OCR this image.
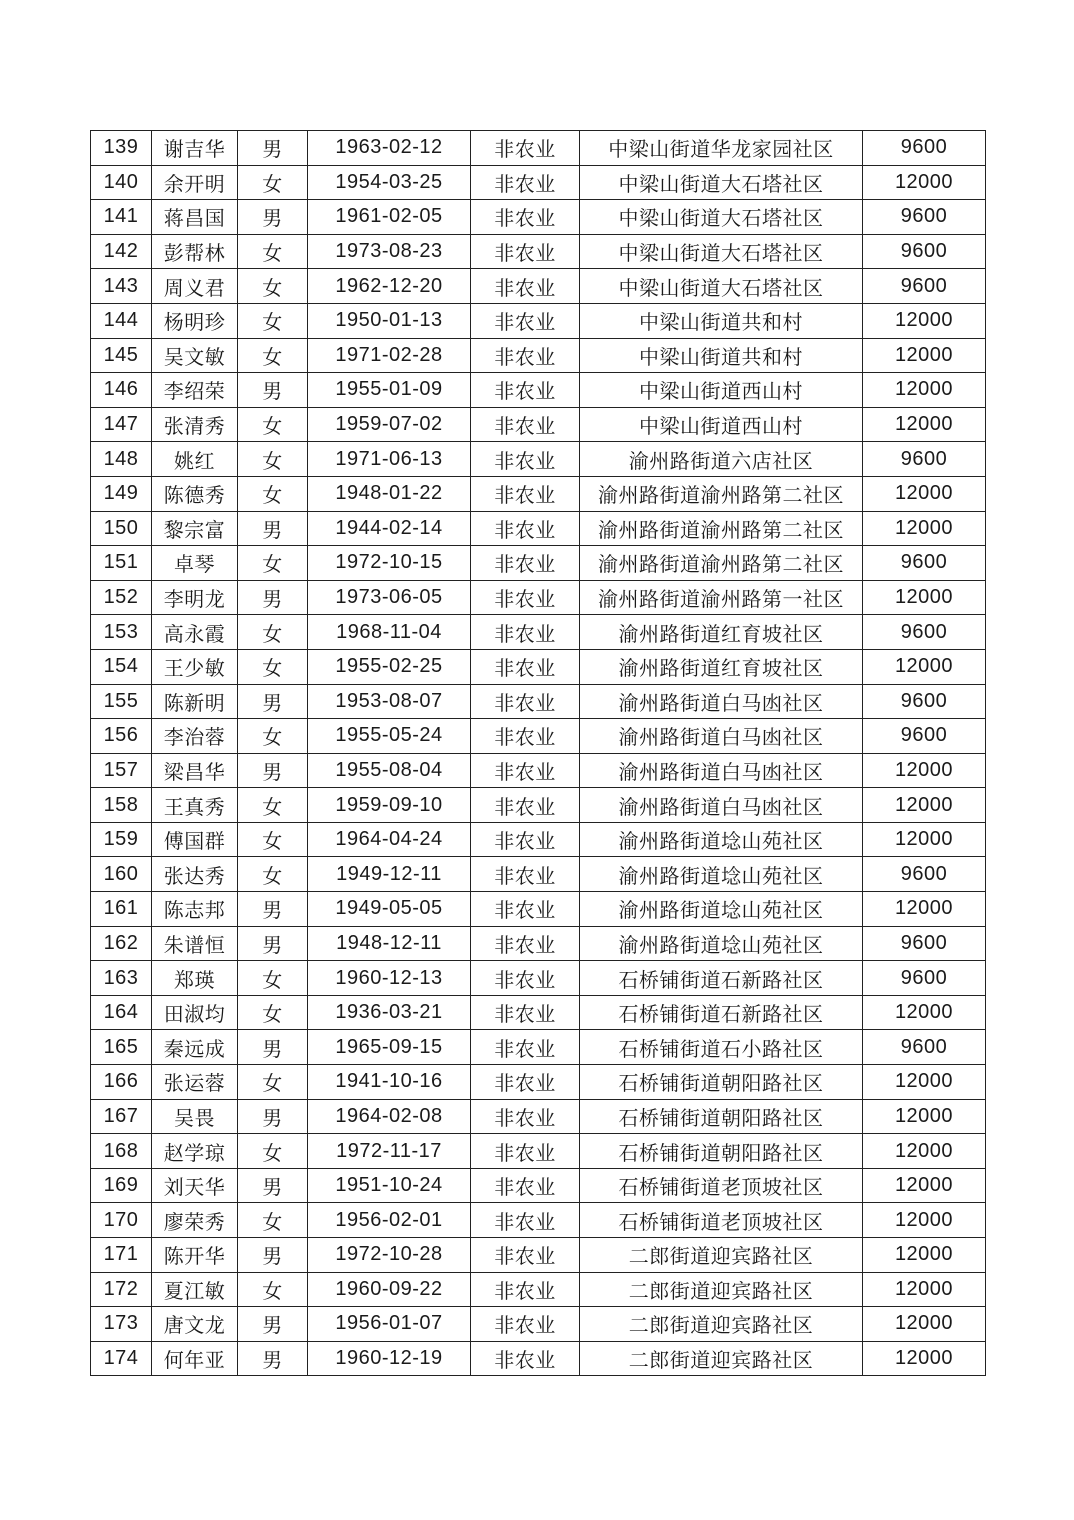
139	谢吉华	男	1963-02-12	非农业	中梁山街道华龙家园社区	9600
140	余开明	女	1954-03-25	非农业	中梁山街道大石塔社区	12000
141	蒋昌国	男	1961-02-05	非农业	中梁山街道大石塔社区	9600
142	彭帮林	女	1973-08-23	非农业	中梁山街道大石塔社区	9600
143	周义君	女	1962-12-20	非农业	中梁山街道大石塔社区	9600
144	杨明珍	女	1950-01-13	非农业	中梁山街道共和村	12000
145	吴文敏	女	1971-02-28	非农业	中梁山街道共和村	12000
146	李绍荣	男	1955-01-09	非农业	中梁山街道西山村	12000
147	张清秀	女	1959-07-02	非农业	中梁山街道西山村	12000
148	姚红	女	1971-06-13	非农业	渝州路街道六店社区	9600
149	陈德秀	女	1948-01-22	非农业	渝州路街道渝州路第二社区	12000
150	黎宗富	男	1944-02-14	非农业	渝州路街道渝州路第二社区	12000
151	卓琴	女	1972-10-15	非农业	渝州路街道渝州路第二社区	9600
152	李明龙	男	1973-06-05	非农业	渝州路街道渝州路第一社区	12000
153	高永霞	女	1968-11-04	非农业	渝州路街道红育坡社区	9600
154	王少敏	女	1955-02-25	非农业	渝州路街道红育坡社区	12000
155	陈新明	男	1953-08-07	非农业	渝州路街道白马凼社区	9600
156	李治蓉	女	1955-05-24	非农业	渝州路街道白马凼社区	9600
157	梁昌华	男	1955-08-04	非农业	渝州路街道白马凼社区	12000
158	王真秀	女	1959-09-10	非农业	渝州路街道白马凼社区	12000
159	傅国群	女	1964-04-24	非农业	渝州路街道埝山苑社区	12000
160	张达秀	女	1949-12-11	非农业	渝州路街道埝山苑社区	9600
161	陈志邦	男	1949-05-05	非农业	渝州路街道埝山苑社区	12000
162	朱谱恒	男	1948-12-11	非农业	渝州路街道埝山苑社区	9600
163	郑瑛	女	1960-12-13	非农业	石桥铺街道石新路社区	9600
164	田淑均	女	1936-03-21	非农业	石桥铺街道石新路社区	12000
165	秦远成	男	1965-09-15	非农业	石桥铺街道石小路社区	9600
166	张运蓉	女	1941-10-16	非农业	石桥铺街道朝阳路社区	12000
167	吴畏	男	1964-02-08	非农业	石桥铺街道朝阳路社区	12000
168	赵学琼	女	1972-11-17	非农业	石桥铺街道朝阳路社区	12000
169	刘天华	男	1951-10-24	非农业	石桥铺街道老顶坡社区	12000
170	廖荣秀	女	1956-02-01	非农业	石桥铺街道老顶坡社区	12000
171	陈开华	男	1972-10-28	非农业	二郎街道迎宾路社区	12000
172	夏江敏	女	1960-09-22	非农业	二郎街道迎宾路社区	12000
173	唐文龙	男	1956-01-07	非农业	二郎街道迎宾路社区	12000
174	何年亚	男	1960-12-19	非农业	二郎街道迎宾路社区	12000
